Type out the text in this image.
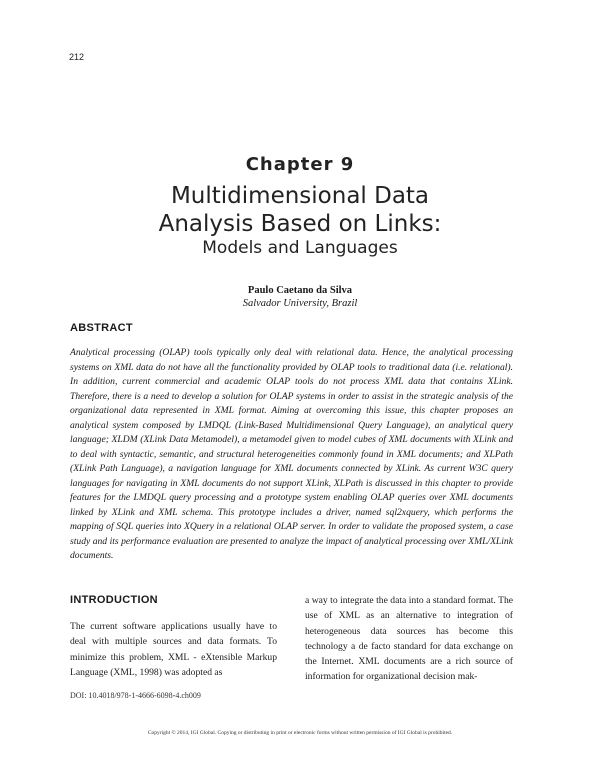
212
Chapter 9
Multidimensional Data
Analysis Based on Links:
Models and Languages
Paulo Caetano da Silva
Salvador University, Brazil
ABSTRACT

Analytical processing (OLAP) tools typically only deal with relational data. Hence, the analytical processing systems on XML data do not have all the functionality provided by OLAP tools to traditional data (i.e. relational). In addition, current commercial and academic OLAP tools do not process XML data that contains XLink. Therefore, there is a need to develop a solution for OLAP systems in order to assist in the strategic analysis of the organizational data represented in XML format. Aiming at overcoming this issue, this chapter proposes an analytical system composed by LMDQL (Link-Based Multidimensional Query Language), an analytical query language; XLDM (XLink Data Metamodel), a metamodel given to model cubes of XML documents with XLink and to deal with syntactic, semantic, and structural heterogeneities commonly found in XML documents; and XLPath (XLink Path Language), a navigation language for XML documents connected by XLink. As current W3C query languages for navigating in XML documents do not support XLink, XLPath is discussed in this chapter to provide features for the LMDQL query processing and a prototype system enabling OLAP queries over XML documents linked by XLink and XML schema. This prototype includes a driver, named sql2xquery, which performs the mapping of SQL queries into XQuery in a relational OLAP server. In order to validate the proposed system, a case study and its performance evaluation are presented to analyze the impact of analytical processing over XML/XLink documents.

INTRODUCTION

The current software applications usually have to deal with multiple sources and data formats. To minimize this problem, XML - eXtensible Markup Language (XML, 1998) was adopted as

a way to integrate the data into a standard format. The use of XML as an alternative to integration of heterogeneous data sources has become this technology a de facto standard for data exchange on the Internet. XML documents are a rich source of information for organizational decision mak-

DOI: 10.4018/978-1-4666-6098-4.ch009
Copyright © 2014, IGI Global. Copying or distributing in print or electronic forms without written permission of IGI Global is prohibited.
